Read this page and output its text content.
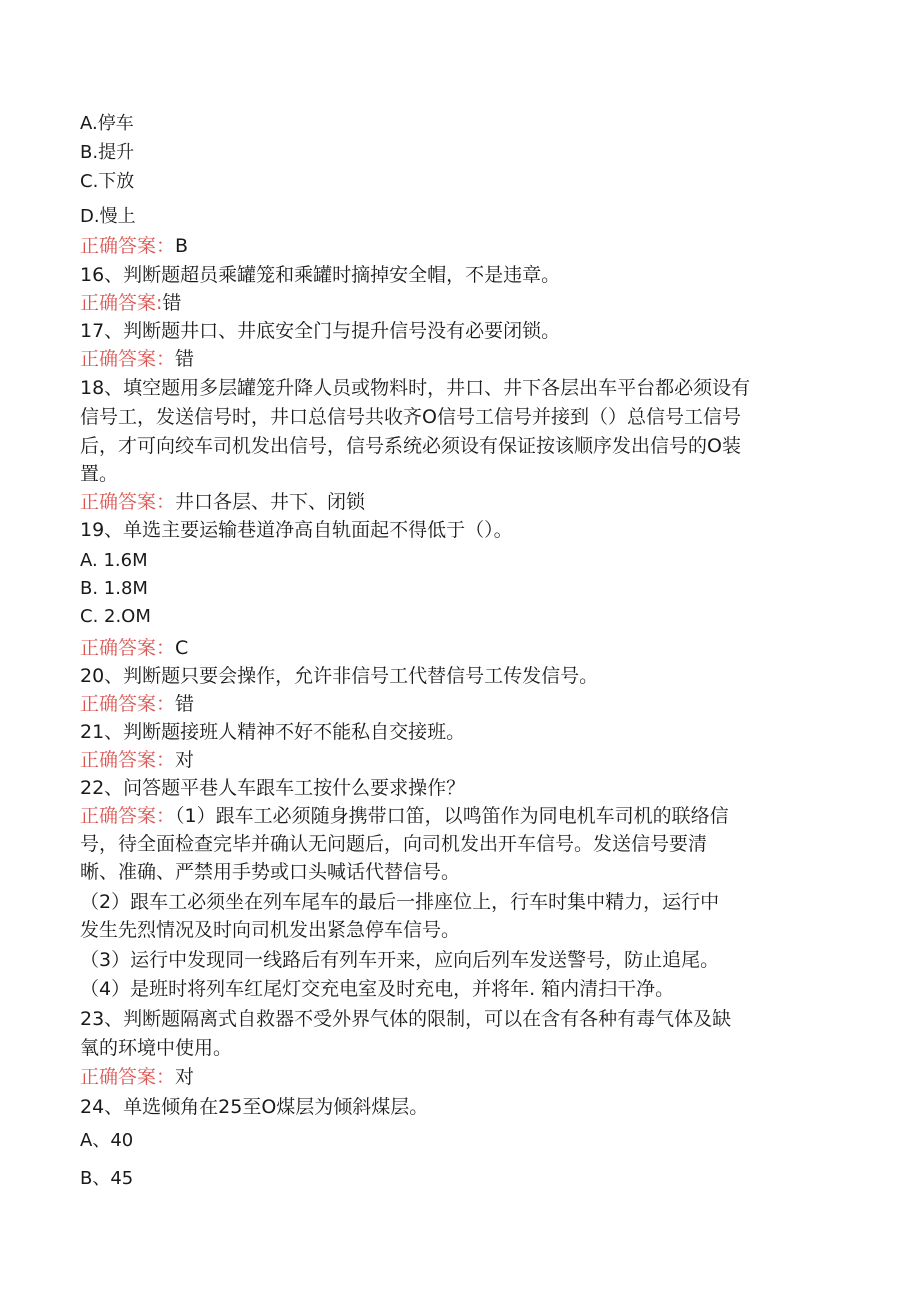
A.停车
B.提升
C.下放
D.慢上
正确答案：B
16、判断题超员乘罐笼和乘罐时摘掉安全帽，不是违章。
正确答案:错
17、判断题井口、井底安全门与提升信号没有必要闭锁。
正确答案：错
18、填空题用多层罐笼升降人员或物料时，井口、井下各层出车平台都必须设有
信号工，发送信号时，井口总信号共收齐O信号工信号并接到（）总信号工信号
后，才可向绞车司机发出信号，信号系统必须设有保证按该顺序发出信号的O装
置。
正确答案：井口各层、井下、闭锁
19、单选主要运输巷道净高自轨面起不得低于（）。
A. 1.6M
B. 1.8M
C. 2.OM
正确答案：C
20、判断题只要会操作，允许非信号工代替信号工传发信号。
正确答案：错
21、判断题接班人精神不好不能私自交接班。
正确答案：对
22、问答题平巷人车跟车工按什么要求操作？
正确答案：（1）跟车工必须随身携带口笛，以鸣笛作为同电机车司机的联络信
号，待全面检查完毕并确认无问题后，向司机发出开车信号。发送信号要清
晰、准确、严禁用手势或口头喊话代替信号。
（2）跟车工必须坐在列车尾车的最后一排座位上，行车时集中精力，运行中
发生先烈情况及时向司机发出紧急停车信号。
（3）运行中发现同一线路后有列车开来，应向后列车发送警号，防止追尾。
（4）是班时将列车红尾灯交充电室及时充电，并将年. 箱内清扫干净。
23、判断题隔离式自救器不受外界气体的限制，可以在含有各种有毒气体及缺
氧的环境中使用。
正确答案：对
24、单选倾角在25至O煤层为倾斜煤层。
A、40
B、45
